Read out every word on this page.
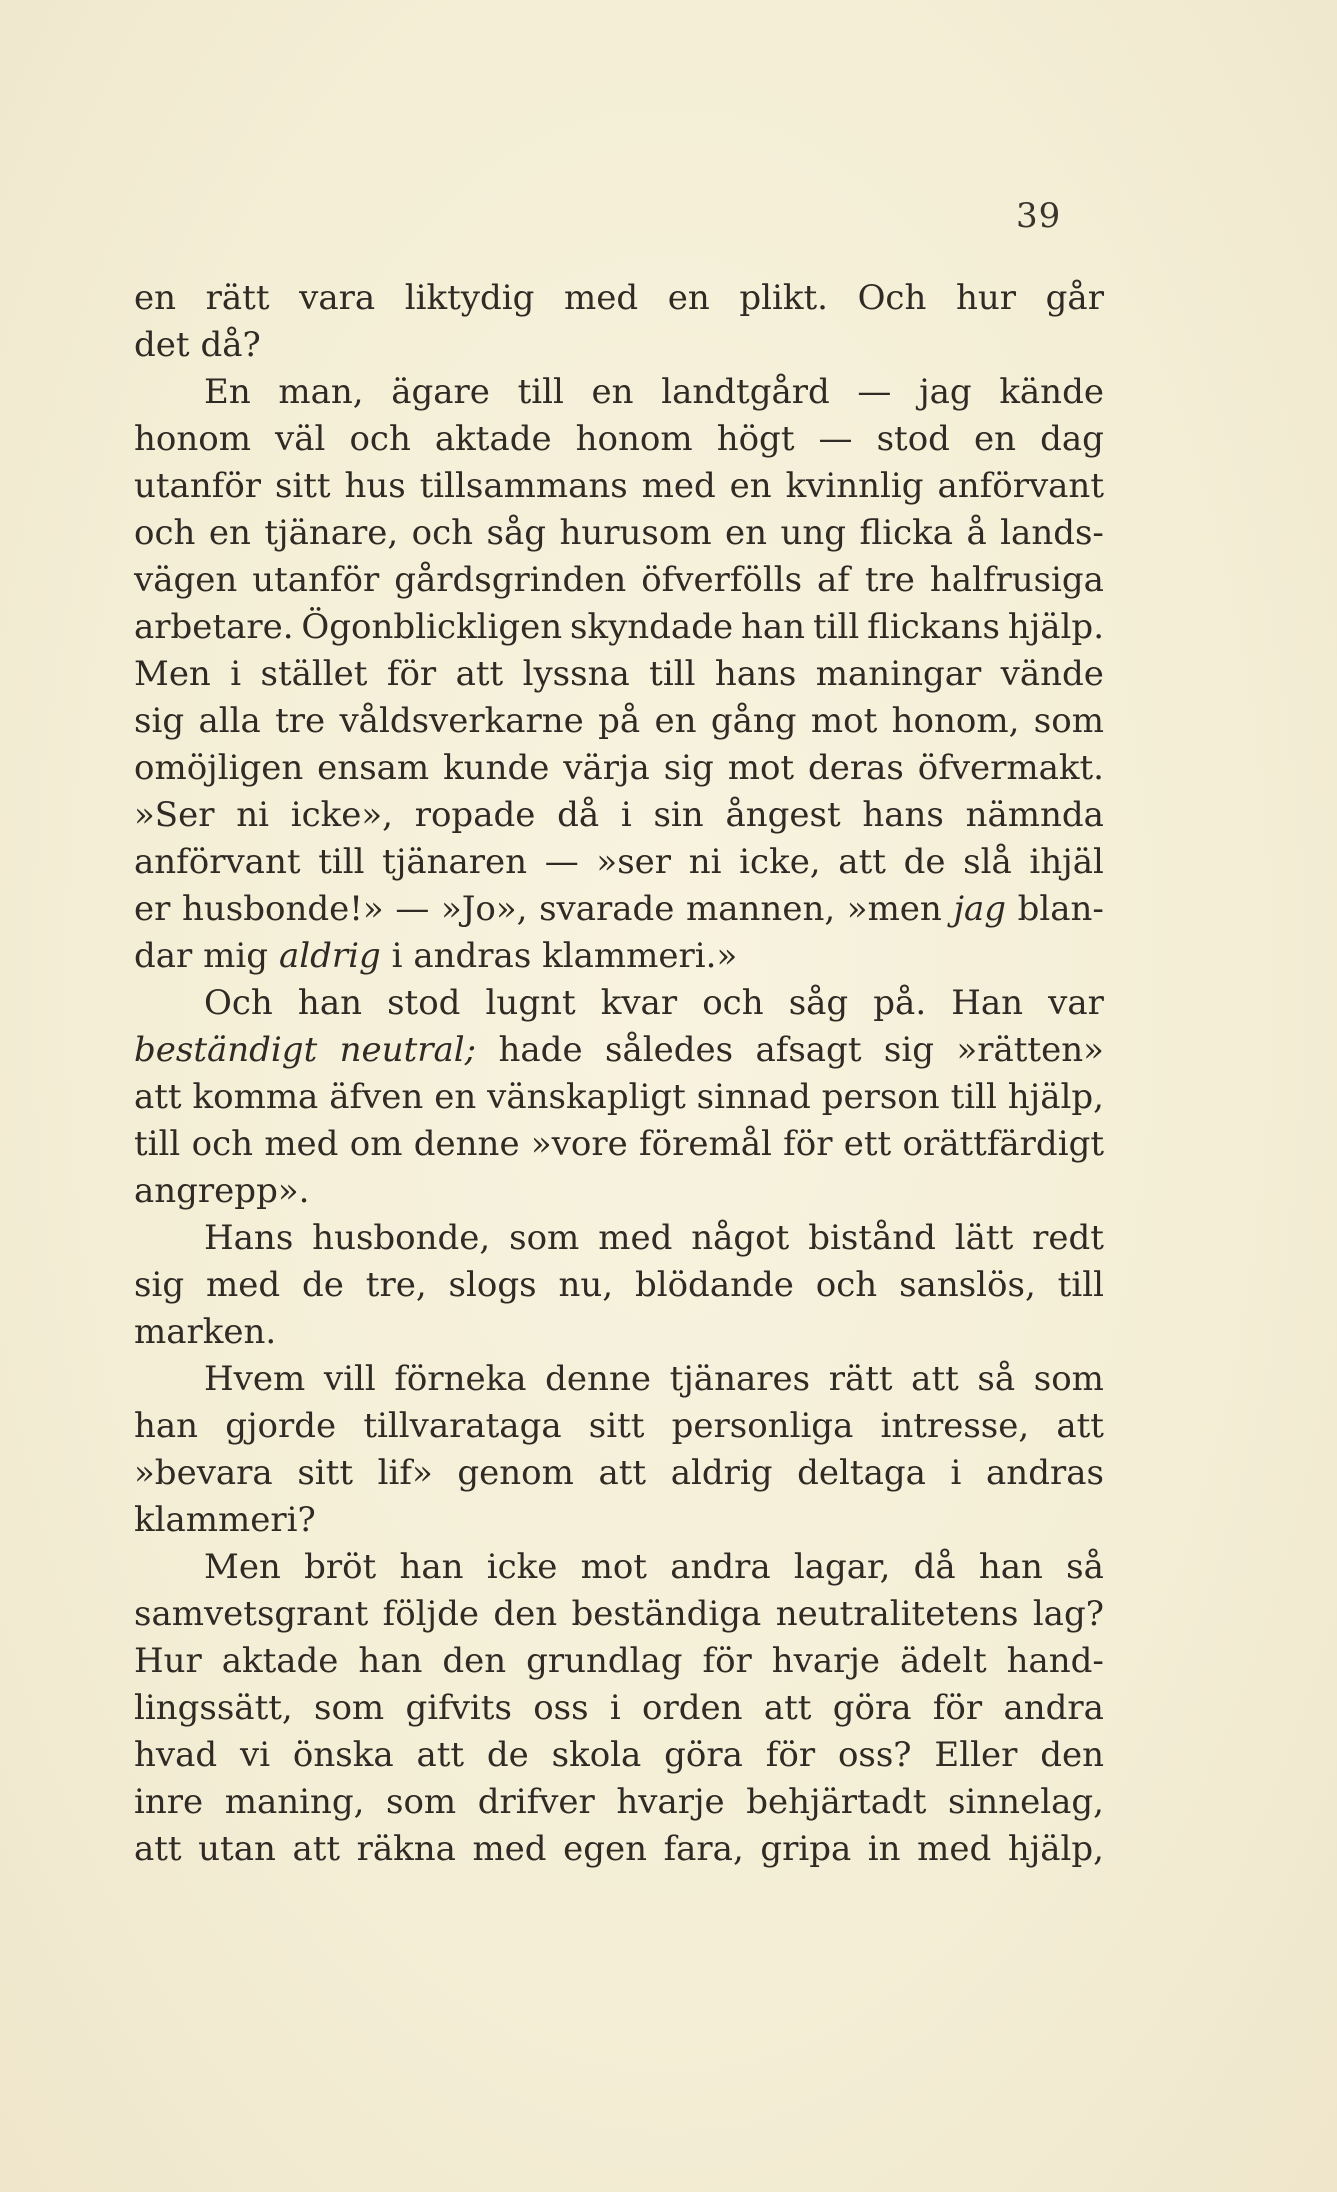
39
en rätt vara liktydig med en plikt. Och hur går
det då?
En man, ägare till en landtgård — jag kände
honom väl och aktade honom högt — stod en dag
utanför sitt hus tillsammans med en kvinnlig anförvant
och en tjänare, och såg hurusom en ung flicka å lands-
vägen utanför gårdsgrinden öfverfölls af tre halfrusiga
arbetare. Ögonblickligen skyndade han till flickans hjälp.
Men i stället för att lyssna till hans maningar vände
sig alla tre våldsverkarne på en gång mot honom, som
omöjligen ensam kunde värja sig mot deras öfvermakt.
»Ser ni icke», ropade då i sin ångest hans nämnda
anförvant till tjänaren — »ser ni icke, att de slå ihjäl
er husbonde!» — »Jo», svarade mannen, »men jag blan-
dar mig aldrig i andras klammeri.»
Och han stod lugnt kvar och såg på. Han var
beständigt neutral; hade således afsagt sig »rätten»
att komma äfven en vänskapligt sinnad person till hjälp,
till och med om denne »vore föremål för ett orättfärdigt
angrepp».
Hans husbonde, som med något bistånd lätt redt
sig med de tre, slogs nu, blödande och sanslös, till
marken.
Hvem vill förneka denne tjänares rätt att så som
han gjorde tillvarataga sitt personliga intresse, att
»bevara sitt lif» genom att aldrig deltaga i andras
klammeri?
Men bröt han icke mot andra lagar, då han så
samvetsgrant följde den beständiga neutralitetens lag?
Hur aktade han den grundlag för hvarje ädelt hand-
lingssätt, som gifvits oss i orden att göra för andra
hvad vi önska att de skola göra för oss? Eller den
inre maning, som drifver hvarje behjärtadt sinnelag,
att utan att räkna med egen fara, gripa in med hjälp,
